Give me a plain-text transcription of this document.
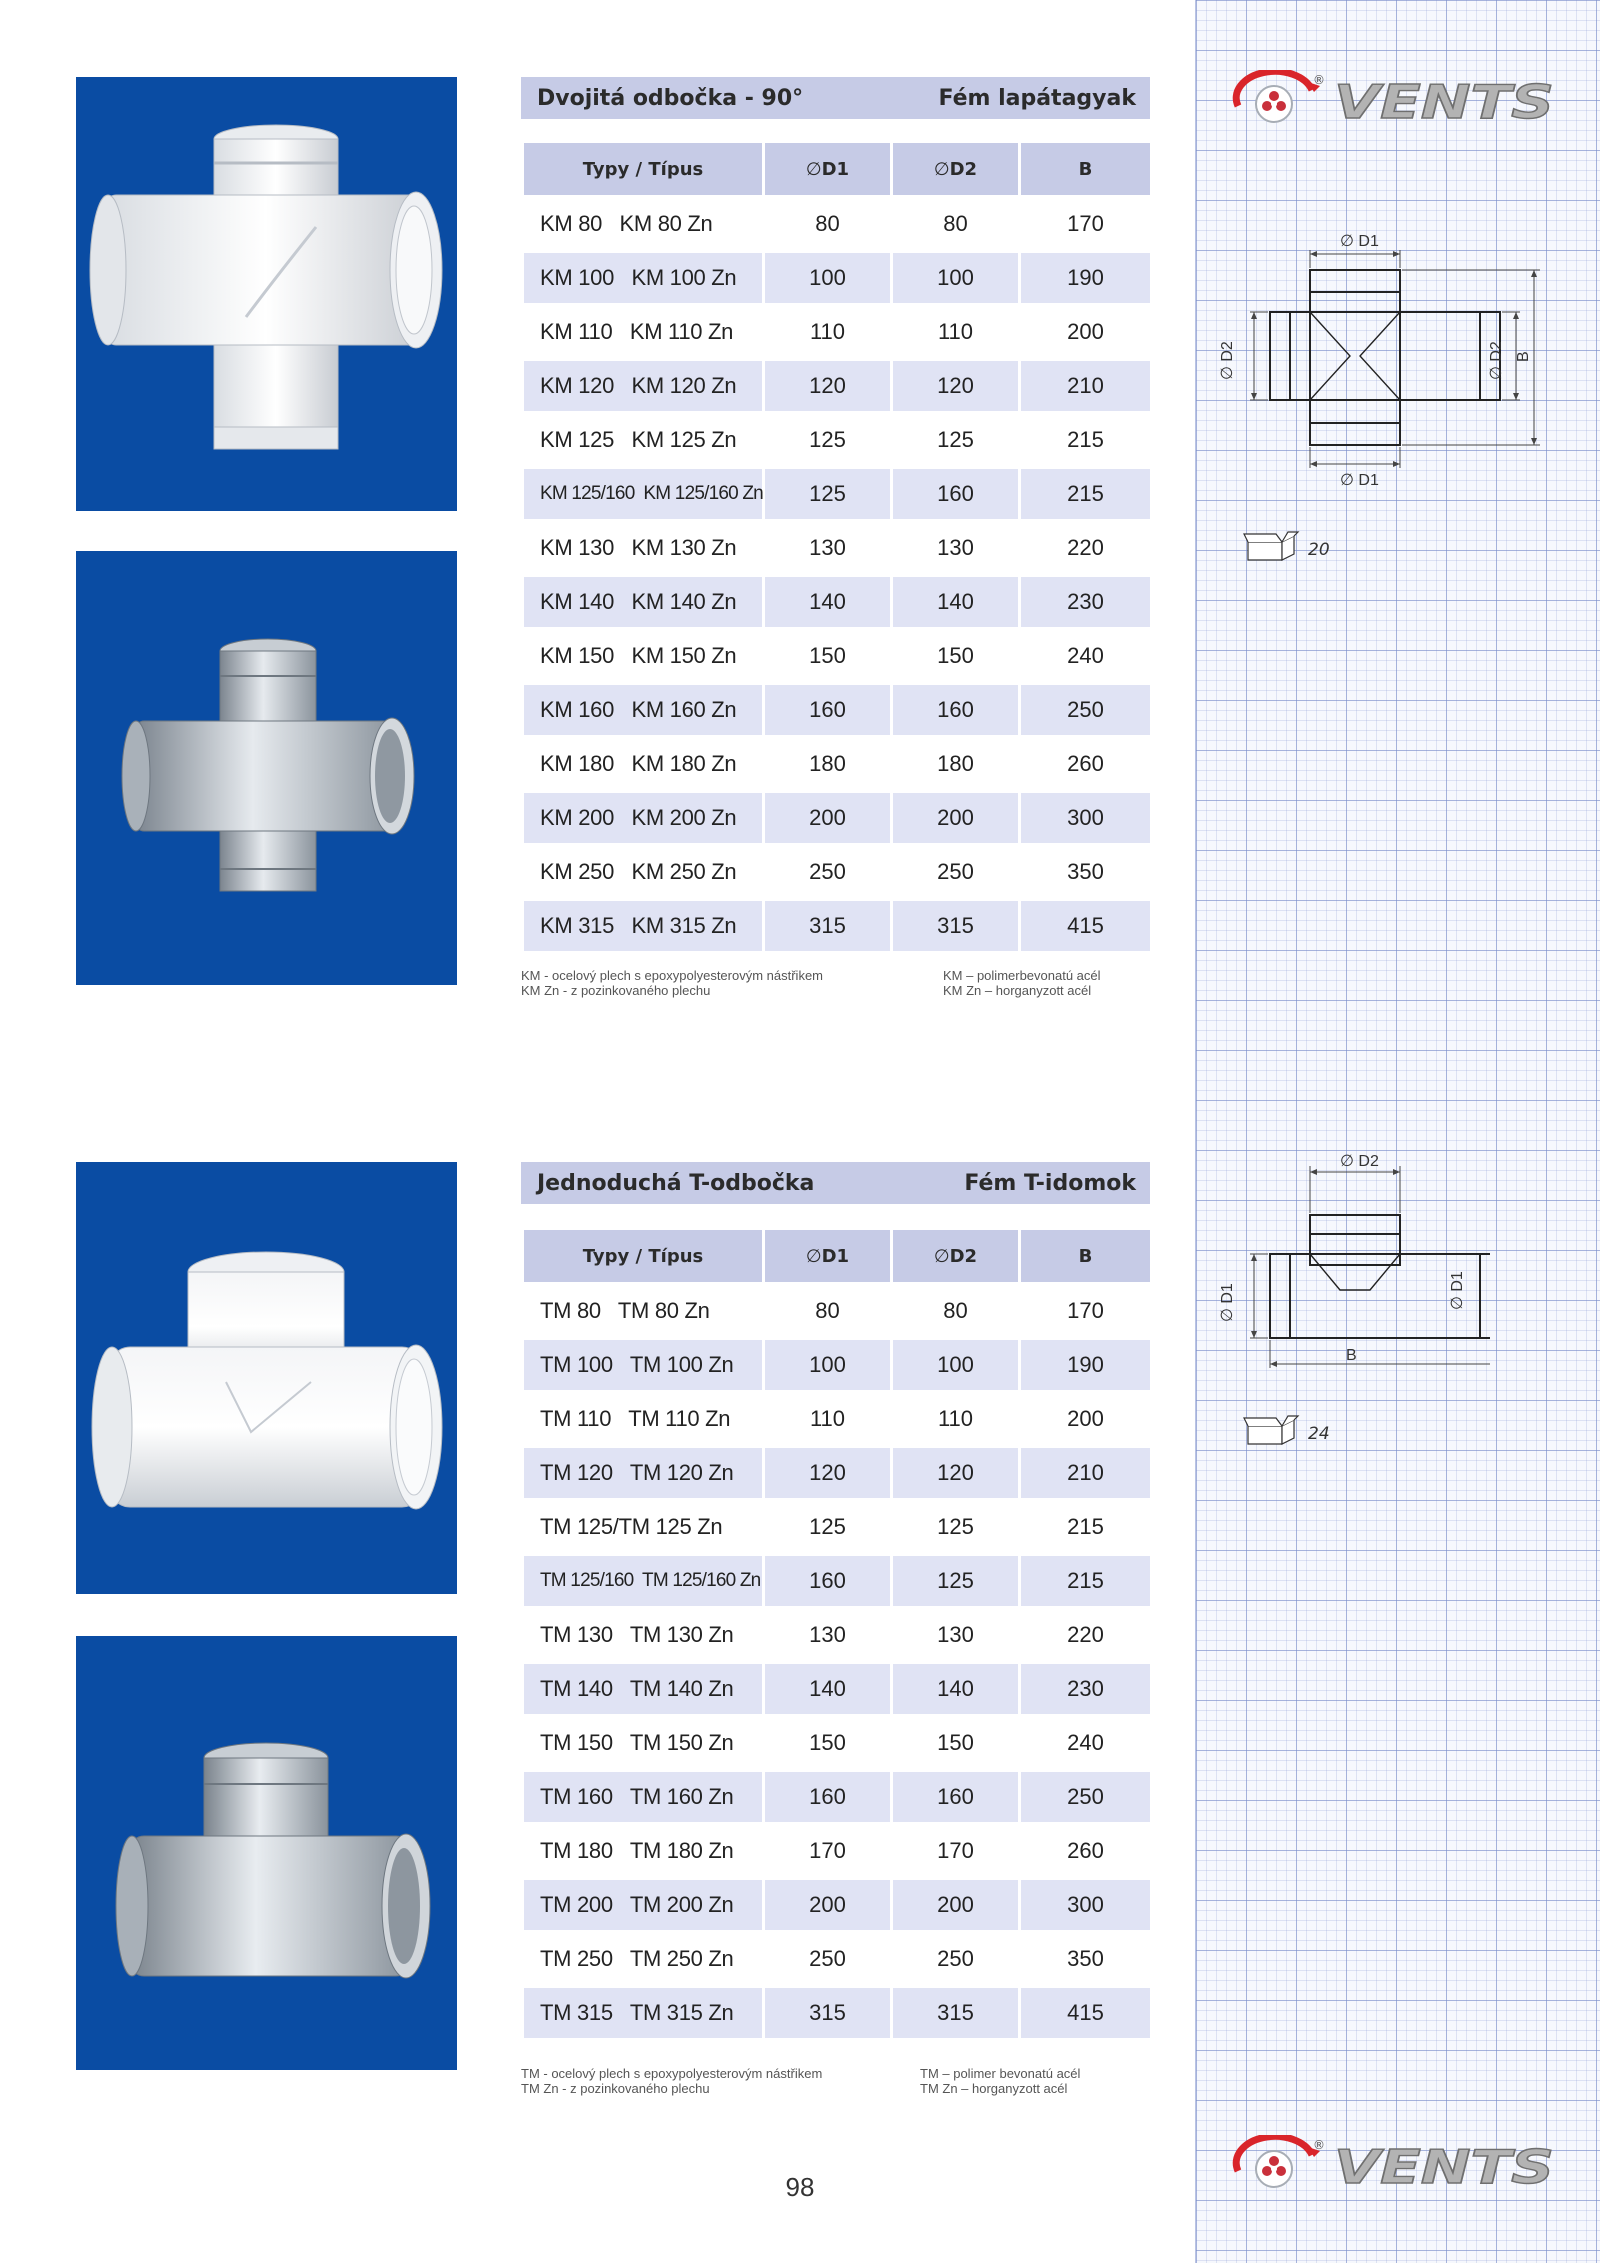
Dvojitá odbočka - 90°	Fém lapátagyak
Typy / Típus	∅D1	∅D2	B
KM 80   KM 80 Zn	80	80	170
KM 100   KM 100 Zn	100	100	190
KM 110   KM 110 Zn	110	110	200
KM 120   KM 120 Zn	120	120	210
KM 125   KM 125 Zn	125	125	215
KM 125/160  KM 125/160 Zn	125	160	215
KM 130   KM 130 Zn	130	130	220
KM 140   KM 140 Zn	140	140	230
KM 150   KM 150 Zn	150	150	240
KM 160   KM 160 Zn	160	160	250
KM 180   KM 180 Zn	180	180	260
KM 200   KM 200 Zn	200	200	300
KM 250   KM 250 Zn	250	250	350
KM 315   KM 315 Zn	315	315	415
KM - ocelový plech s epoxypolyesterovým nástřikem
KM Zn - z pozinkovaného plechu
KM – polimerbevonatú acél
KM Zn – horganyzott acél
Jednoduchá T-odbočka	Fém T-idomok
Typy / Típus	∅D1	∅D2	B
TM 80   TM 80 Zn	80	80	170
TM 100   TM 100 Zn	100	100	190
TM 110   TM 110 Zn	110	110	200
TM 120   TM 120 Zn	120	120	210
TM 125/TM 125 Zn	125	125	215
TM 125/160  TM 125/160 Zn	160	125	215
TM 130   TM 130 Zn	130	130	220
TM 140   TM 140 Zn	140	140	230
TM 150   TM 150 Zn	150	150	240
TM 160   TM 160 Zn	160	160	250
TM 180   TM 180 Zn	170	170	260
TM 200   TM 200 Zn	200	200	300
TM 250   TM 250 Zn	250	250	350
TM 315   TM 315 Zn	315	315	415
TM - ocelový plech s epoxypolyesterovým nástřikem
TM Zn - z pozinkovaného plechu
TM – polimer bevonatú acél
TM Zn – horganyzott acél
® VENTS
® VENTS
∅ D1
∅ D1
∅ D2	∅ D2 B
20
∅ D2
∅ D1	∅ D1
B
24
98
